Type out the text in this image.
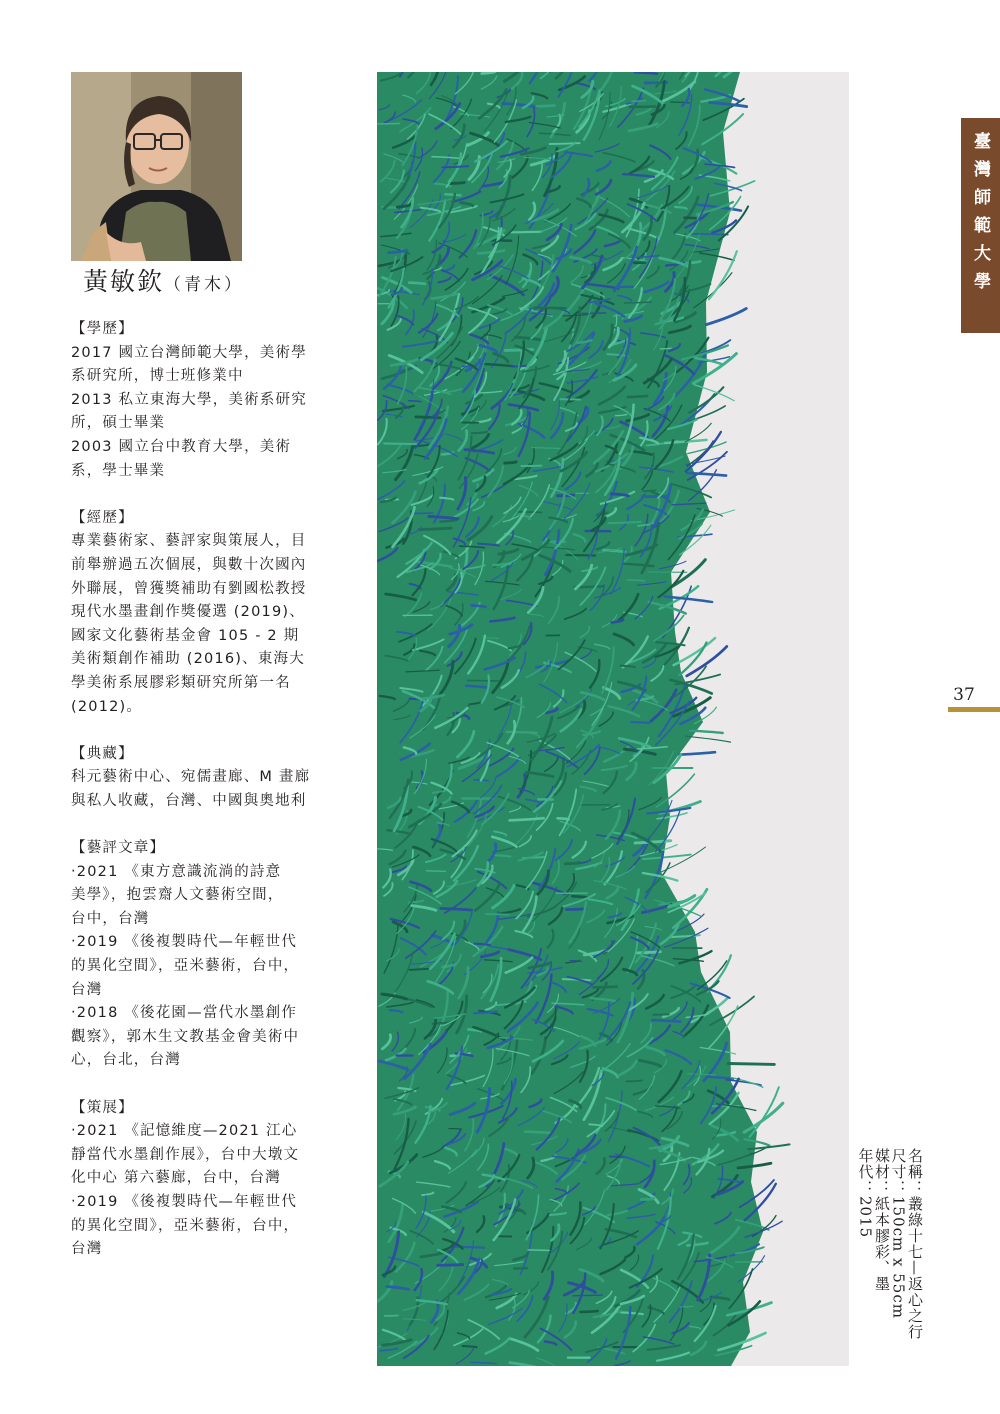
黃敏欽（青木）
【學歷】
2017 國立台灣師範大學，美術學
系研究所，博士班修業中
2013 私立東海大學，美術系研究
所，碩士畢業
2003 國立台中教育大學，美術
系，學士畢業
【經歷】
專業藝術家、藝評家與策展人，目
前舉辦過五次個展，與數十次國內
外聯展，曾獲獎補助有劉國松教授
現代水墨畫創作獎優選 (2019)、
國家文化藝術基金會 105 - 2 期
美術類創作補助 (2016)、東海大
學美術系展膠彩類研究所第一名
(2012)。
【典藏】
科元藝術中心、宛儒畫廊、M 畫廊
與私人收藏，台灣、中國與奧地利
【藝評文章】
‧2021 《東方意識流淌的詩意
美學》，抱雲齋人文藝術空間，
台中，台灣
‧2019 《後複製時代—年輕世代
的異化空間》，亞米藝術，台中，
台灣
‧2018 《後花園—當代水墨創作
觀察》，郭木生文教基金會美術中
心，台北，台灣
【策展】
‧2021 《記憶維度—2021 江心
靜當代水墨創作展》，台中大墩文
化中心 第六藝廊，台中，台灣
‧2019 《後複製時代—年輕世代
的異化空間》，亞米藝術，台中，
台灣	名稱：叢綠十七—返心之行
尺寸：150cm x 55cm
媒材：紙本膠彩、墨
年代：2015
臺灣師範大學
37
